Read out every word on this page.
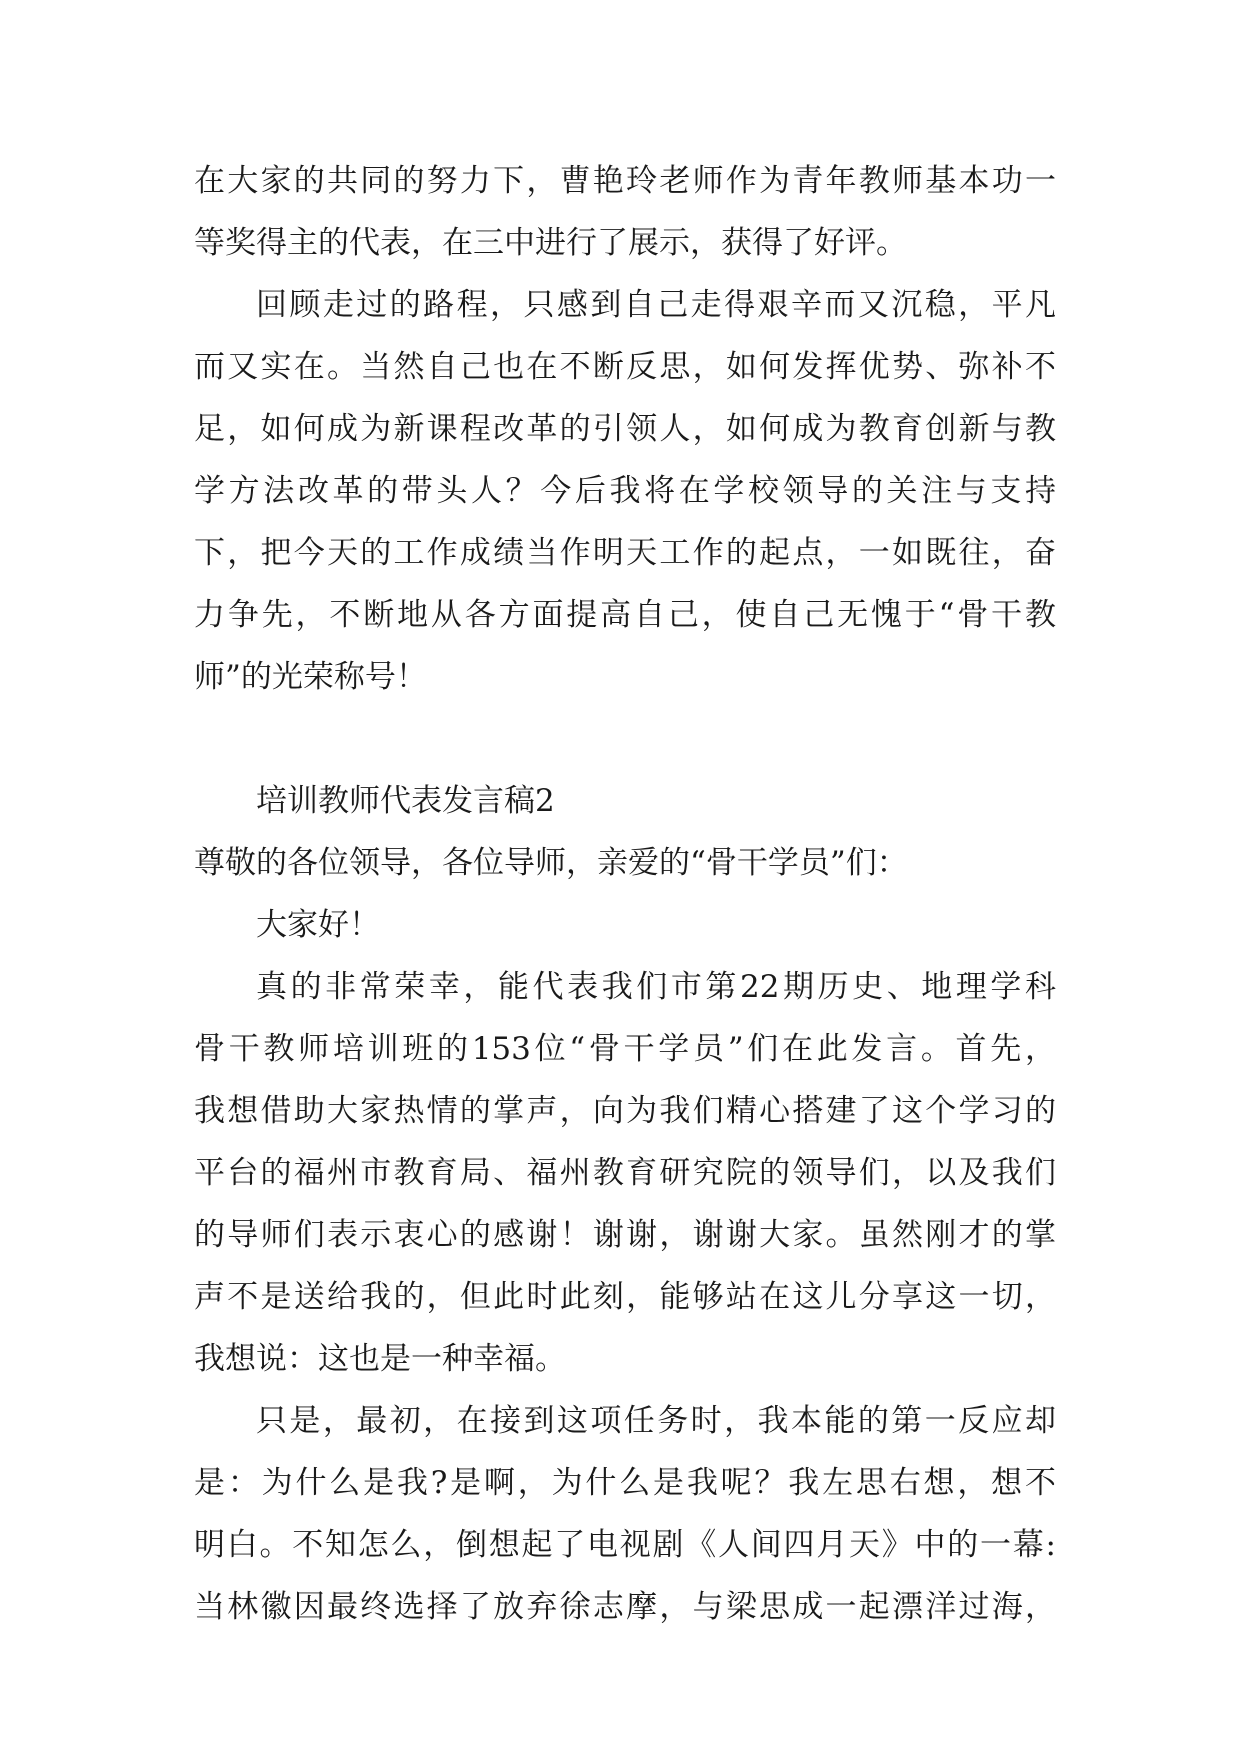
在大家的共同的努力下，曹艳玲老师作为青年教师基本功一
等奖得主的代表，在三中进行了展示，获得了好评。
回顾走过的路程，只感到自己走得艰辛而又沉稳，平凡
而又实在。当然自己也在不断反思，如何发挥优势、弥补不
足，如何成为新课程改革的引领人，如何成为教育创新与教
学方法改革的带头人？今后我将在学校领导的关注与支持
下，把今天的工作成绩当作明天工作的起点，一如既往，奋
力争先，不断地从各方面提高自己，使自己无愧于“骨干教
师”的光荣称号！
培训教师代表发言稿2
尊敬的各位领导，各位导师，亲爱的“骨干学员”们：
大家好！
真的非常荣幸，能代表我们市第22期历史、地理学科
骨干教师培训班的153位“骨干学员”们在此发言。首先，
我想借助大家热情的掌声，向为我们精心搭建了这个学习的
平台的福州市教育局、福州教育研究院的领导们，以及我们
的导师们表示衷心的感谢！谢谢，谢谢大家。虽然刚才的掌
声不是送给我的，但此时此刻，能够站在这儿分享这一切，
我想说：这也是一种幸福。
只是，最初，在接到这项任务时，我本能的第一反应却
是：为什么是我?是啊，为什么是我呢？我左思右想，想不
明白。不知怎么，倒想起了电视剧《人间四月天》中的一幕:
当林徽因最终选择了放弃徐志摩，与梁思成一起漂洋过海，
